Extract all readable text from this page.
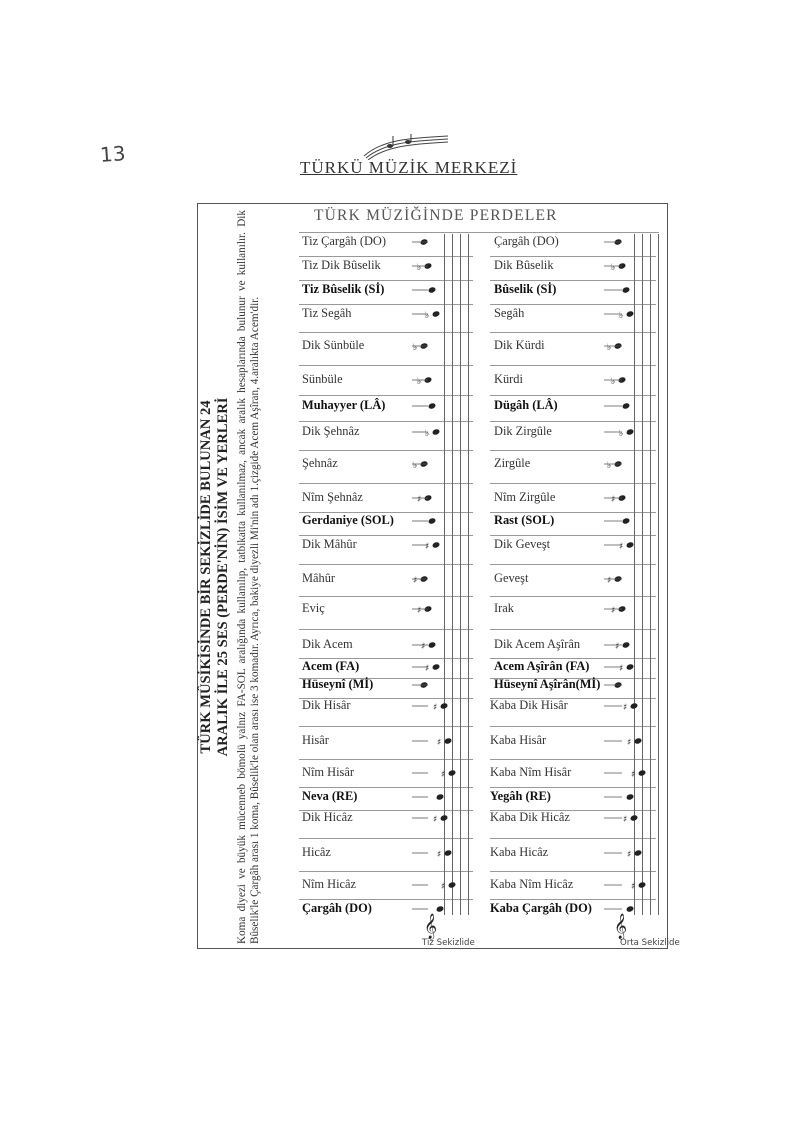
13
TÜRKÜ MÜZİK MERKEZİ
TÜRK MÛSİKİSİNDE BİR SEKİZLİDE BULUNAN 24 ARALIK İLE 25 SES (PERDE'NİN) İSİM VE YERLERİ Koma diyezi ve büyük mücenneb bömolü yalnız FA-SOL aralığında kullanılıp, tatbikatta kullanılmaz, ancak aralık hesaplarında bulunur ve kullanılır. Dik Bûselik'le Çargâh arası 1 koma, Bûselik'le olan arası ise 3 komadır. Ayrıca, bakiye diyezli Mi'nin adı 1.çizgide Acem Aşîran, 4.aralıkta Acem'dir.
TÜRK MÜZİĞİNDE PERDELER
Tiz Çargâh (DO)	Çargâh (DO)
Tiz Dik Bûselik	Dik Bûselik
Tiz Bûselik (Sİ)	Bûselik (Sİ)
Tiz Segâh	Segâh
Dik Sünbüle	Dik Kürdi
Sünbüle	Kürdi
Muhayyer (LÂ)	Dügâh (LÂ)
Dik Şehnâz	Dik Zirgûle
Şehnâz	Zirgûle
Nîm Şehnâz	Nîm Zirgûle
Gerdaniye (SOL)	Rast (SOL)
Dik Mâhûr	Dik Geveşt
Mâhûr	Geveşt
Eviç	Irak
Dik Acem	Dik Acem Aşîrân
Acem (FA)	Acem Aşîrân (FA)
Hüseynî (Mİ)	Hüseynî Aşîrân(Mİ)
Dik Hisâr	Kaba Dik Hisâr
Hisâr	Kaba Hisâr
Nîm Hisâr	Kaba Nîm Hisâr
Neva (RE)	Yegâh (RE)
Dik Hicâz	Kaba Dik Hicâz
Hicâz	Kaba Hicâz
Nîm Hicâz	Kaba Nîm Hicâz
Çargâh (DO)	Kaba Çargâh (DO)
♭	♭
♭	♭
♭	♭
♭	♭
♭	♭
♭	♭
♯	♯
♯	♯
♯	♯
♯	♯
♯	♯
♯	♯
♯	♯
♯	♯
♯	♯
♯	♯
♯	♯
♯	♯
𝄞	𝄞
Tiz Sekizlide	Orta Sekizlide
